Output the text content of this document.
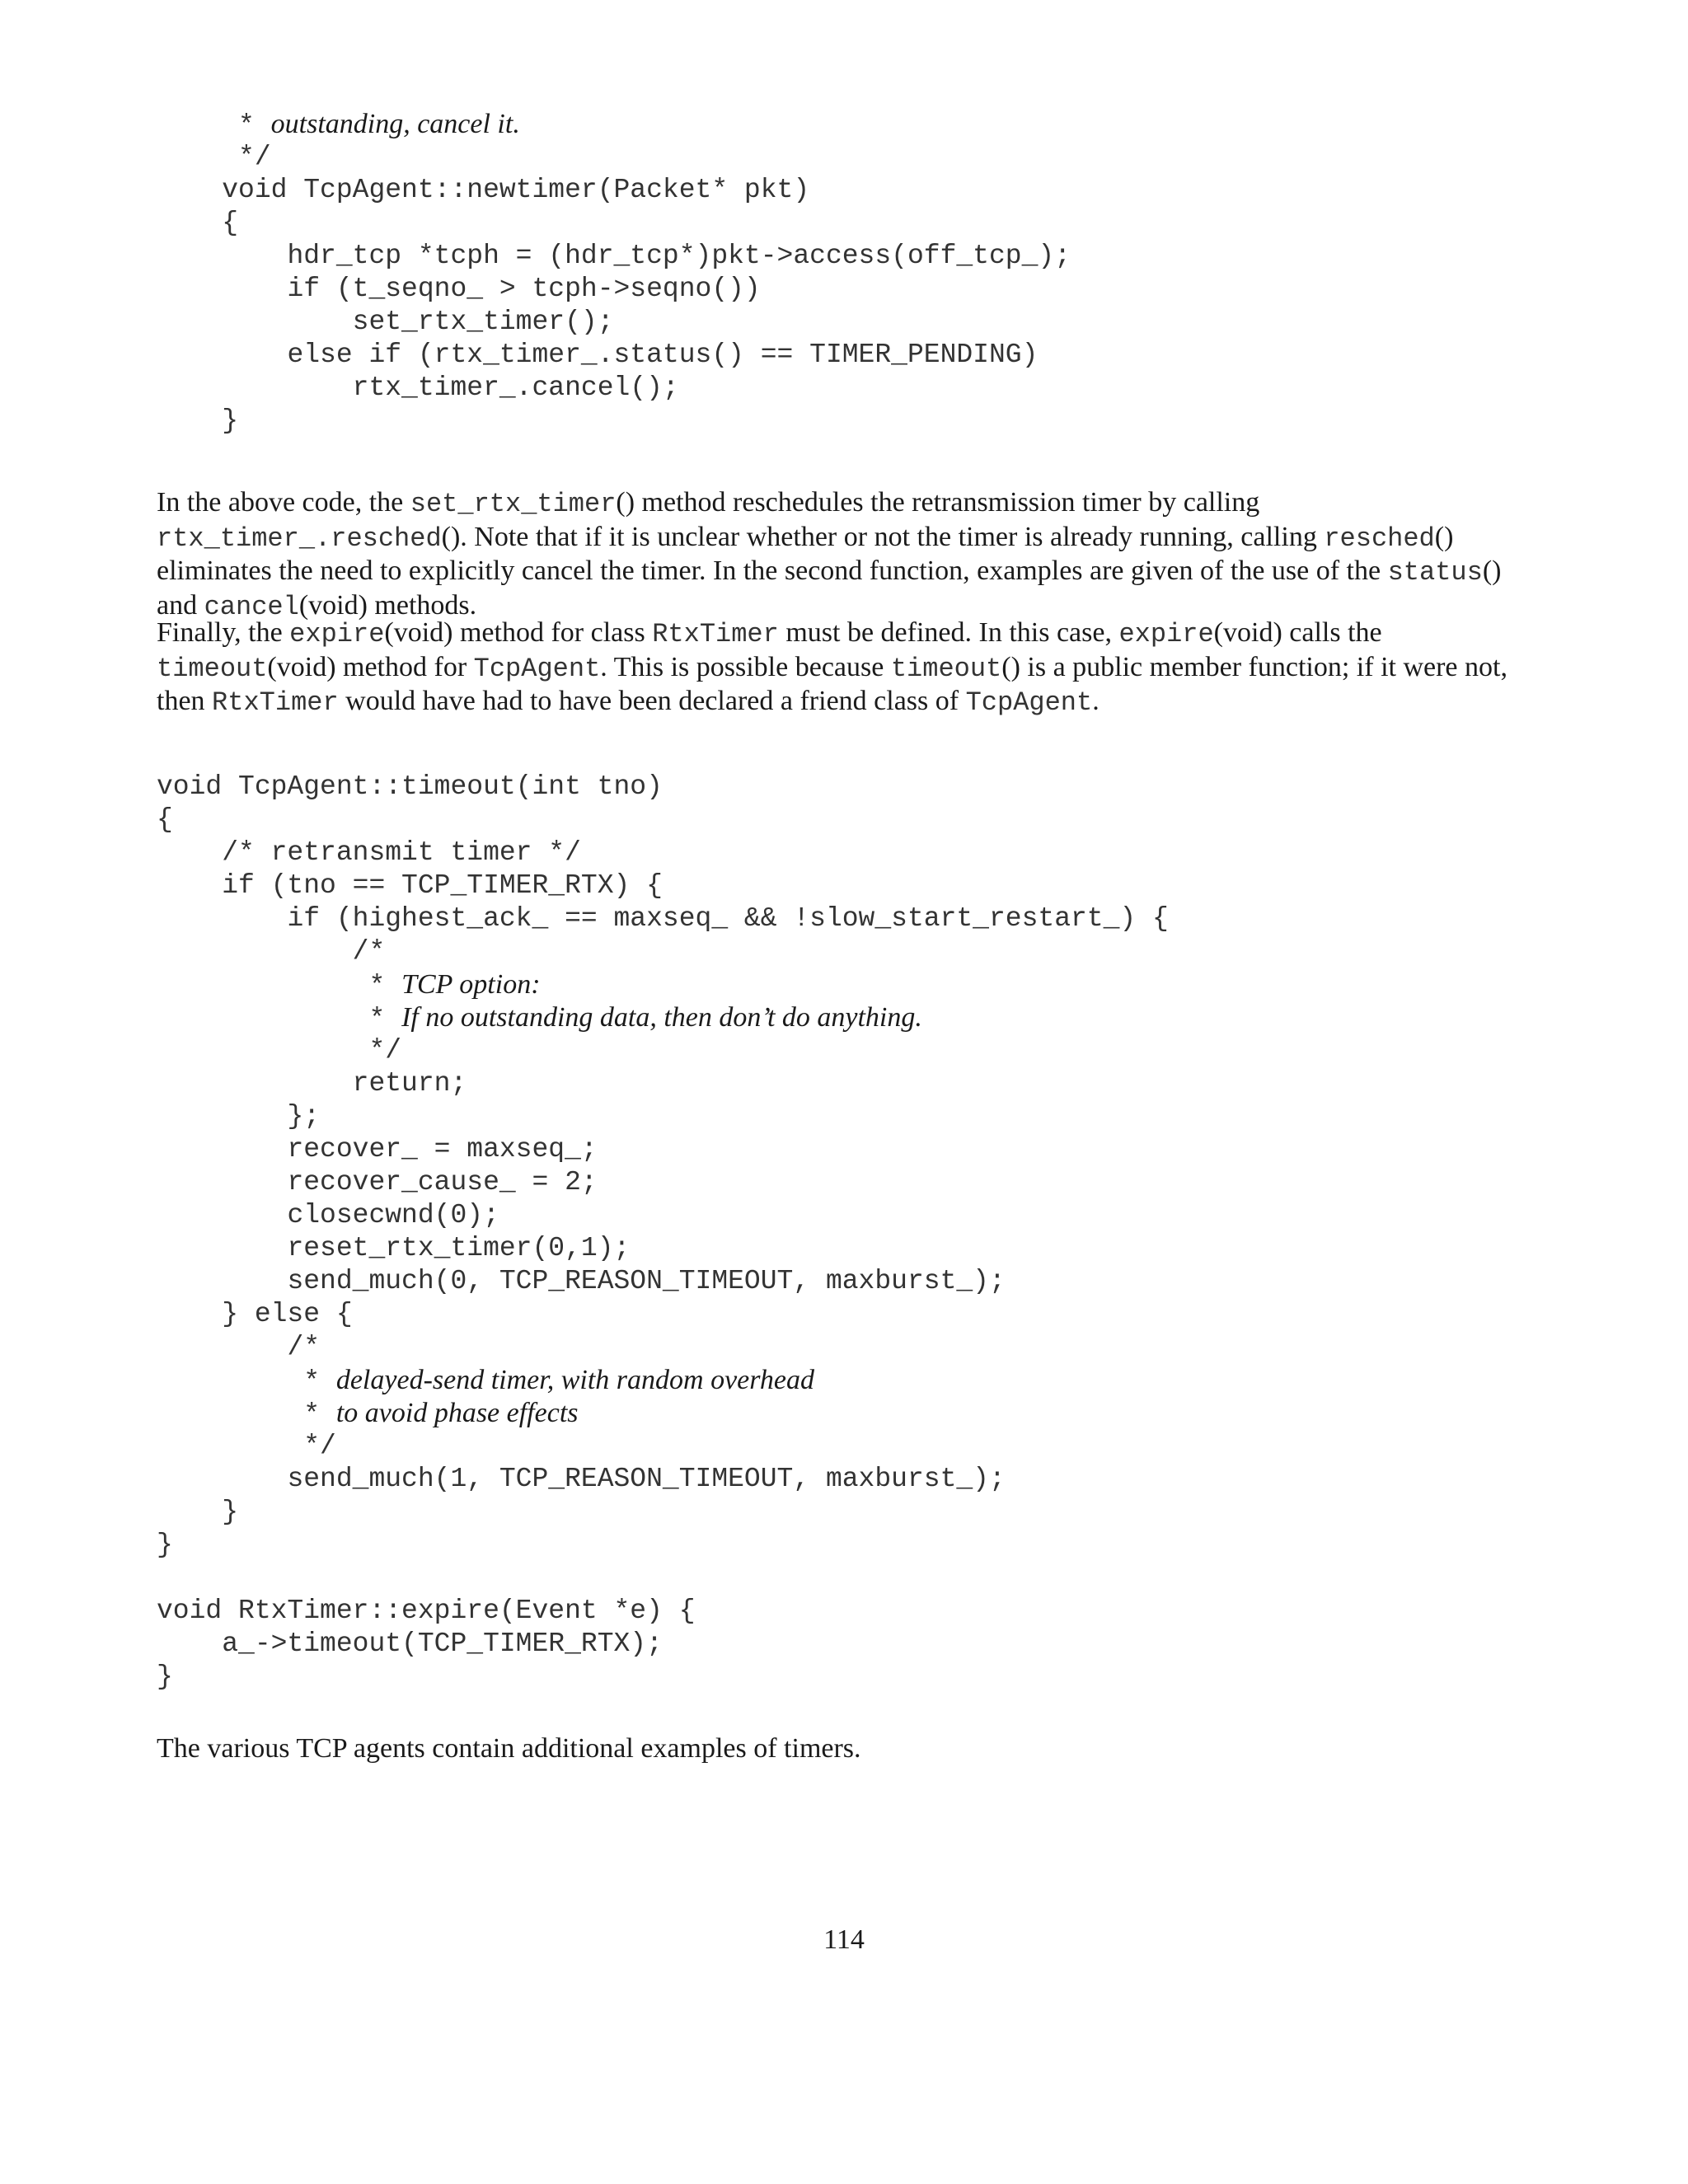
* outstanding, cancel it.
*/
void TcpAgent::newtimer(Packet* pkt)
{
hdr_tcp *tcph = (hdr_tcp*)pkt->access(off_tcp_);
if (t_seqno_ > tcph->seqno())
set_rtx_timer();
else if (rtx_timer_.status() == TIMER_PENDING)
rtx_timer_.cancel();
}

In the above code, the set_rtx_timer() method reschedules the retransmission timer by calling rtx_timer_.resched(). Note that if it is unclear whether or not the timer is already running, calling resched() eliminates the need to explicitly cancel the timer. In the second function, examples are given of the use of the status() and cancel(void) methods.

Finally, the expire(void) method for class RtxTimer must be defined. In this case, expire(void) calls the timeout(void) method for TcpAgent. This is possible because timeout() is a public member function; if it were not, then RtxTimer would have had to have been declared a friend class of TcpAgent.

void TcpAgent::timeout(int tno)
{
/* retransmit timer */
if (tno == TCP_TIMER_RTX) {
if (highest_ack_ == maxseq_ && !slow_start_restart_) {
/*
* TCP option:
* If no outstanding data, then don’t do anything.
*/
return;
};
recover_ = maxseq_;
recover_cause_ = 2;
closecwnd(0);
reset_rtx_timer(0,1);
send_much(0, TCP_REASON_TIMEOUT, maxburst_);
} else {
/*
* delayed-send timer, with random overhead
* to avoid phase effects
*/
send_much(1, TCP_REASON_TIMEOUT, maxburst_);
}
}
void RtxTimer::expire(Event *e) {
a_->timeout(TCP_TIMER_RTX);
}

The various TCP agents contain additional examples of timers.

114
